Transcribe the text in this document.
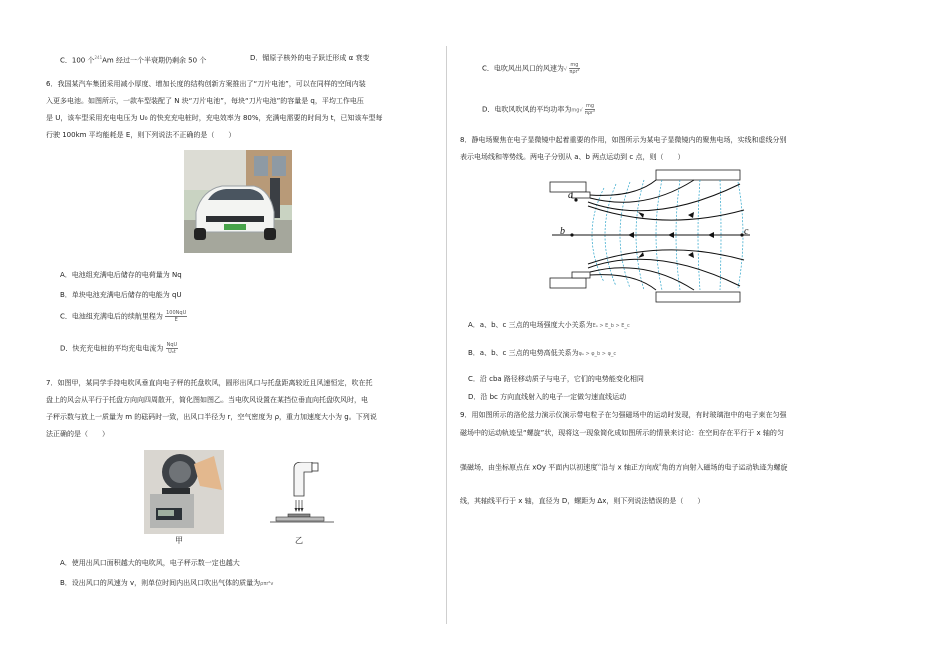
C．100 个$^{241}$Am 经过一个半衰期仍剩余 50 个	D．镅原子核外的电子跃迁形成 α 衰变
6．我国某汽车集团采用减小厚度、增加长度的结构创新方案推出了“刀片电池”，可以在同样的空间内装
入更多电池。如图所示，一款车型装配了 N 块“刀片电池”，每块“刀片电池”的容量是 q，平均工作电压
是 U，该车型采用充电电压为 U₀ 的快充充电桩时，充电效率为 80%，充满电需要的时间为 t，已知该车型每
行驶 100km 平均能耗是 E，则下列说法不正确的是（　　）
A．电池组充满电后储存的电荷量为 Nq
B．单块电池充满电后储存的电能为 qU
C．电池组充满电后的续航里程为 $\frac{\text{100NqU}}{E}$
D．快充充电桩的平均充电电流为 $\frac{\text{NqU}}{\text{U₀t}}$
7．如图甲，某同学手持电吹风垂直向电子秤的托盘吹风，圆形出风口与托盘距离较近且风速恒定，吹在托
盘上的风会从平行于托盘方向向四周散开，简化图如图乙。当电吹风设置在某挡位垂直向托盘吹风时，电
子秤示数与放上一质量为 m 的砝码时一致，出风口半径为 r，空气密度为 ρ，重力加速度大小为 g。下列说
法正确的是（　　）
甲	乙
A．使用出风口面积越大的电吹风，电子秤示数一定也越大
B．设出风口的风速为 v，则单位时间内出风口吹出气体的质量为ρπr²v
C．电吹风出风口的风速为√ $\frac{mg}{\text{πρr²}}$
D．电吹风吹风的平均功率为$mg√ \frac{mg}{\text{πρr²}}$
8．静电场聚焦在电子显微镜中起着重要的作用，如图所示为某电子显微镜内的聚焦电场，实线和虚线分别
表示电场线和等势线。两电子分别从 a、b 两点运动到 c 点，则（　　）
a
b	c
A．a、b、c 三点的电场强度大小关系为Eₐ > E_b > E_c
B．a、b、c 三点的电势高低关系为φₐ > φ_b > φ_c
C．沿 cba 路径移动质子与电子，它们的电势能变化相同
D．沿 bc 方向直线射入的电子一定做匀速直线运动
9．用如图所示的洛伦兹力演示仪演示带电粒子在匀强磁场中的运动时发现，有时玻璃泡中的电子束在匀强
磁场中的运动轨迹呈“螺旋”状，现将这一现象简化成如图所示的情景来讨论：在空间存在平行于 x 轴的匀
强磁场，由坐标原点在 xOy 平面内以初速度$^{v_0}$沿与 x 轴正方向成$^\alpha$角的方向射入磁场的电子运动轨迹为螺旋
线，其轴线平行于 x 轴，直径为 D，螺距为 Δx，则下列说法错误的是（　　）
